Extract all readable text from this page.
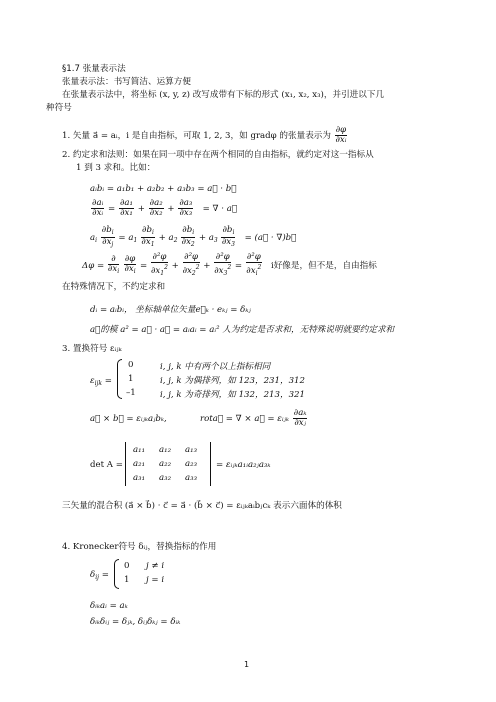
§1.7 张量表示法
张量表示法：书写简洁、运算方便
在张量表示法中，将坐标 (x, y, z) 改写成带有下标的形式 (x₁, x₂, x₃)，并引进以下几
种符号
1. 矢量 a⃗ = aᵢ，i 是自由指标，可取 1, 2, 3，如 gradφ 的张量表示为 $\frac{\partial\varphi}{\text{∂xᵢ}}$
2. 约定求和法则：如果在同一项中存在两个相同的自由指标，就约定对这一指标从
1 到 3 求和。比如：
aᵢbᵢ = a₁b₁ + a₂b₂ + a₃b₃ = a⃗ · b⃗
$\frac{\text{∂aᵢ}}{\text{∂xᵢ}} = \frac{\text{∂a₁}}{\text{∂x₁}} + \frac{\text{∂a₂}}{\text{∂x₂}} + \frac{\text{∂a₃}}{\text{∂x₃}}$ = ∇ · a⃗
$a_i \frac{\partial b_i}{\partial x_j} = a_1 \frac{\partial b_i}{\partial x_1} + a_2 \frac{\partial b_i}{\partial x_2} + a_3 \frac{\partial b_i}{\partial x_3}$ = (a⃗ · ∇)b⃗
$\Delta\varphi = \frac{\partial}{\partial x_i}$
$\frac{\partial\varphi}{\partial x_i} = \frac{\text{∂²φ}}{\partial x_1^2} + \frac{\text{∂²φ}}{\partial x_2^2} + \frac{\text{∂²φ}}{\partial x_3^2} = \frac{\text{∂²φ}}{\partial x_i^2}$ i好像是，但不是，自由指标
在特殊情况下，不约定求和
dᵢ = aᵢbᵢ， 坐标轴单位矢量e⃗ₖ · eₖⱼ = δₖⱼ
a⃗的模 a² = a⃗ · a⃗ = aᵢaᵢ = aᵢ² 人为约定是否求和，无特殊说明就要约定求和
3. 置换符号 εᵢⱼₖ
$\varepsilon_{ijk}$ =
0	i, j, k 中有两个以上指标相同
1	i, j, k 为偶排列，如 123，231，312
–1	i, j, k 为奇排列，如 132，213，321
a⃗ × b⃗ = εᵢⱼₖaⱼbₖ,	rota⃗ = ∇ × a⃗ = εᵢⱼₖ $\frac{\text{∂aₖ}}{\text{∂xⱼ}}$
det A =
a₁₁ a₁₂ a₁₃
a₂₁ a₂₂ a₂₃
a₃₁ a₃₂ a₃₃
= εᵢⱼₖa₁ᵢa₂ⱼa₃ₖ
三矢量的混合积 (a⃗ × b⃗) · c⃗ = a⃗ · (b⃗ × c⃗) = εᵢⱼₖaᵢbⱼcₖ 表示六面体的体积
4. Kronecker符号 δᵢⱼ，替换指标的作用
$\delta_{ij}$ =
0 j ≠ i
1 j = i
δᵢₖaᵢ = aₖ
δᵢₖδᵢⱼ = δⱼₖ, δᵢⱼδₖⱼ = δᵢₖ
1
